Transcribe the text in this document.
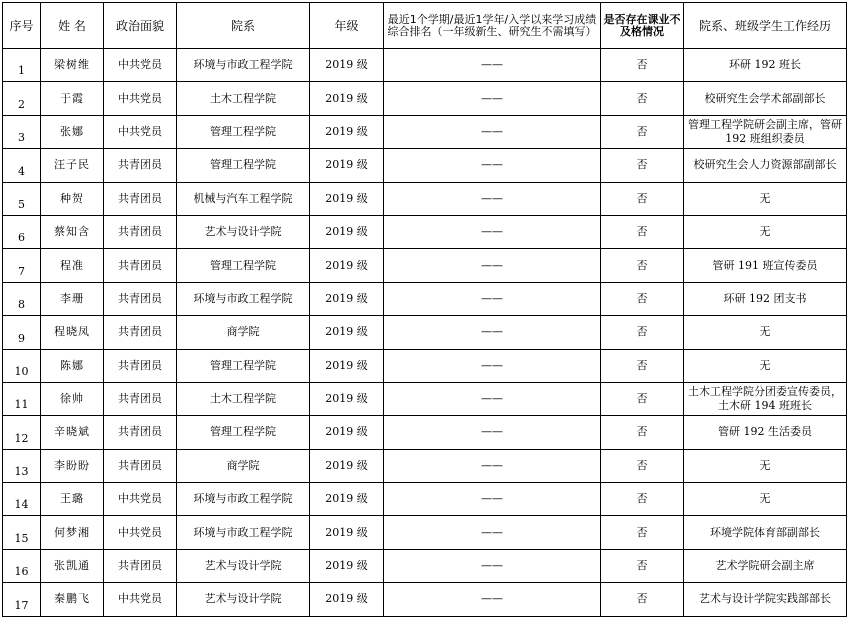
序号	姓 名	政治面貌	院系	年级	最近1个学期/最近1学年/入学以来学习成绩综合排名（一年级新生、研究生不需填写）	是否存在课业不及格情况	院系、班级学生工作经历
1	梁树维	中共党员	环境与市政工程学院	2019 级	——	否	环研 192 班长
2	于霞	中共党员	土木工程学院	2019 级	——	否	校研究生会学术部副部长
3	张娜	中共党员	管理工程学院	2019 级	——	否	管理工程学院研会副主席，管研 192 班组织委员
4	汪子民	共青团员	管理工程学院	2019 级	——	否	校研究生会人力资源部副部长
5	种贺	共青团员	机械与汽车工程学院	2019 级	——	否	无
6	蔡知含	共青团员	艺术与设计学院	2019 级	——	否	无
7	程准	共青团员	管理工程学院	2019 级	——	否	管研 191 班宣传委员
8	李珊	共青团员	环境与市政工程学院	2019 级	——	否	环研 192 团支书
9	程晓凤	共青团员	商学院	2019 级	——	否	无
10	陈娜	共青团员	管理工程学院	2019 级	——	否	无
11	徐帅	共青团员	土木工程学院	2019 级	——	否	土木工程学院分团委宣传委员，土木研 194 班班长
12	辛晓斌	共青团员	管理工程学院	2019 级	——	否	管研 192 生活委员
13	李盼盼	共青团员	商学院	2019 级	——	否	无
14	王璐	中共党员	环境与市政工程学院	2019 级	——	否	无
15	何梦湘	中共党员	环境与市政工程学院	2019 级	——	否	环境学院体育部副部长
16	张凯通	共青团员	艺术与设计学院	2019 级	——	否	艺术学院研会副主席
17	秦鹏飞	中共党员	艺术与设计学院	2019 级	——	否	艺术与设计学院实践部部长
